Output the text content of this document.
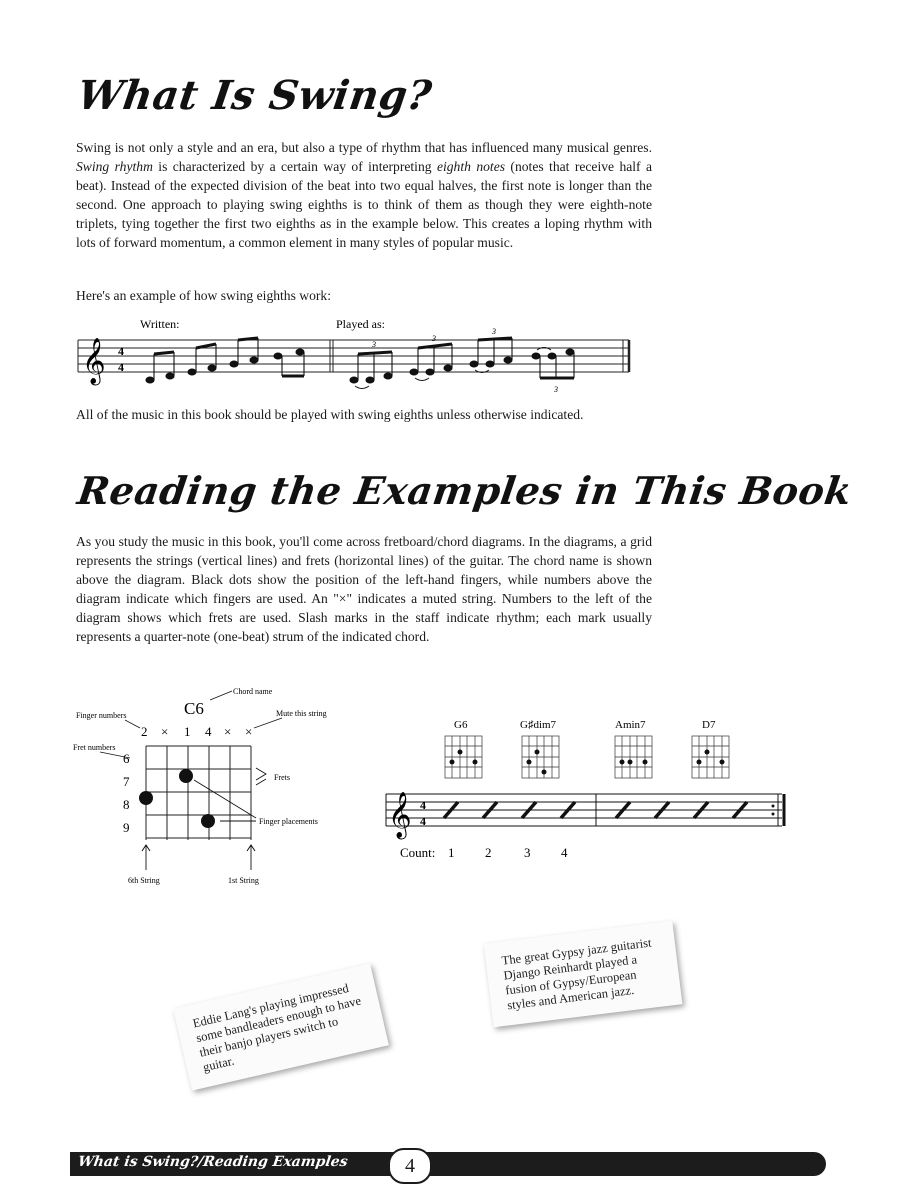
What Is Swing?

Swing is not only a style and an era, but also a type of rhythm that has influenced many musical genres. Swing rhythm is characterized by a certain way of interpreting eighth notes (notes that receive half a beat). Instead of the expected division of the beat into two equal halves, the first note is longer than the second. One approach to playing swing eighths is to think of them as though they were eighth-note triplets, tying together the first two eighths as in the example below. This creates a loping rhythm with lots of forward momentum, a common element in many styles of popular music.

Here's an example of how swing eighths work:

Written:	Played as:
𝄞 4
4
3
3
3
3

All of the music in this book should be played with swing eighths unless otherwise indicated.

Reading the Examples in This Book

As you study the music in this book, you'll come across fretboard/chord diagrams. In the diagrams, a grid represents the strings (vertical lines) and frets (horizontal lines) of the guitar. The chord name is shown above the diagram. Black dots show the position of the left-hand fingers, while numbers above the diagram indicate which fingers are used. An "×" indicates a muted string. Numbers to the left of the diagram shows which frets are used. Slash marks in the staff indicate rhythm; each mark usually represents a quarter-note (one-beat) strum of the indicated chord.

C6
Chord name
Finger numbers	Mute this string
Fret numbers
2 × 1 4 × ×
6
7
8
9
Frets
Finger placements
6th String	1st String
G6	G♯dim7	Amin7	D7
𝄞 4
4
Count: 1 2	3 4
Eddie Lang's playing impressed some bandleaders enough to have their banjo players switch to guitar.
The great Gypsy jazz guitarist Django Reinhardt played a fusion of Gypsy/European styles and American jazz.
What is Swing?/Reading Examples	4
